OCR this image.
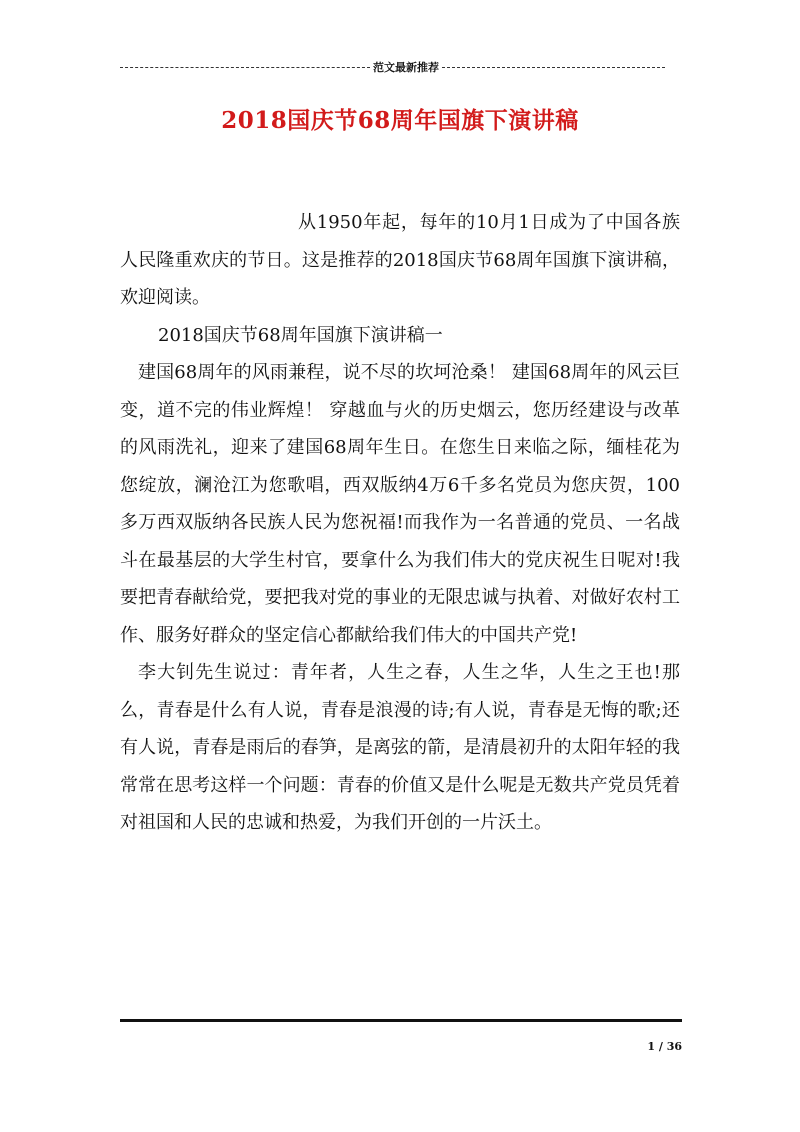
范文最新推荐
2018国庆节68周年国旗下演讲稿

从1950年起，每年的10月1日成为了中国各族人民隆重欢庆的节日。这是推荐的2018国庆节68周年国旗下演讲稿，欢迎阅读。

2018国庆节68周年国旗下演讲稿一

建国68周年的风雨兼程，说不尽的坎坷沧桑！ 建国68周年的风云巨变，道不完的伟业辉煌！ 穿越血与火的历史烟云，您历经建设与改革的风雨洗礼，迎来了建国68周年生日。在您生日来临之际，缅桂花为您绽放，澜沧江为您歌唱，西双版纳4万6千多名党员为您庆贺，100多万西双版纳各民族人民为您祝福!而我作为一名普通的党员、一名战斗在最基层的大学生村官，要拿什么为我们伟大的党庆祝生日呢对!我要把青春献给党，要把我对党的事业的无限忠诚与执着、对做好农村工作、服务好群众的坚定信心都献给我们伟大的中国共产党!

李大钊先生说过：青年者，人生之春，人生之华，人生之王也!那么，青春是什么有人说，青春是浪漫的诗;有人说，青春是无悔的歌;还有人说，青春是雨后的春笋，是离弦的箭，是清晨初升的太阳年轻的我常常在思考这样一个问题：青春的价值又是什么呢是无数共产党员凭着对祖国和人民的忠诚和热爱，为我们开创的一片沃土。

1 / 36
